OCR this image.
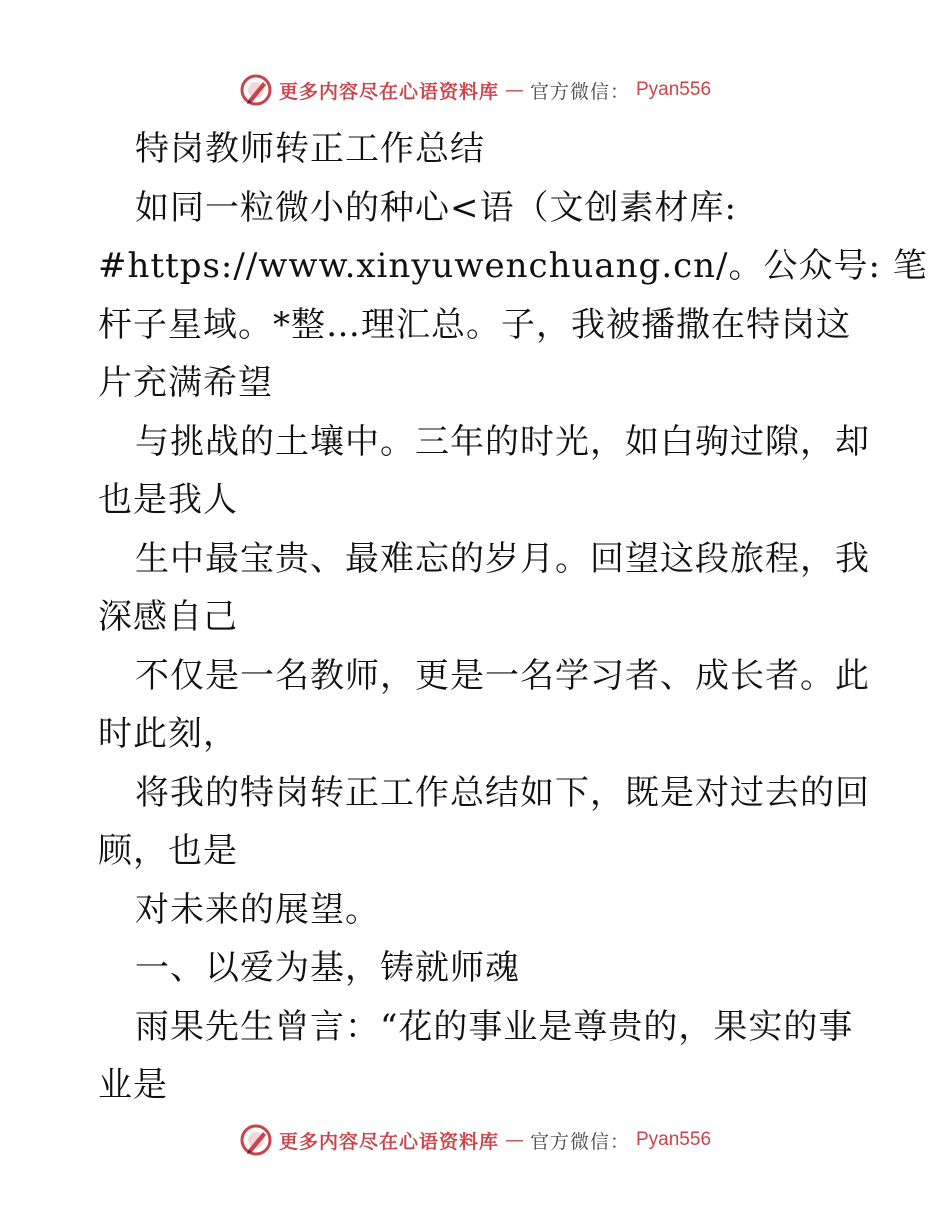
更多内容尽在心语资料库 — 官方微信： Pyan556
特岗教师转正工作总结
如同一粒微小的种心<语（文创素材库:
#https://www.xinyuwenchuang.cn/。公众号: 笔
杆子星域。*整…理汇总。子，我被播撒在特岗这
片充满希望
与挑战的土壤中。三年的时光，如白驹过隙，却
也是我人
生中最宝贵、最难忘的岁月。回望这段旅程，我
深感自己
不仅是一名教师，更是一名学习者、成长者。此
时此刻，
将我的特岗转正工作总结如下，既是对过去的回
顾，也是
对未来的展望。
一、以爱为基，铸就师魂
雨果先生曾言：“花的事业是尊贵的，果实的事
业是
更多内容尽在心语资料库 — 官方微信： Pyan556
